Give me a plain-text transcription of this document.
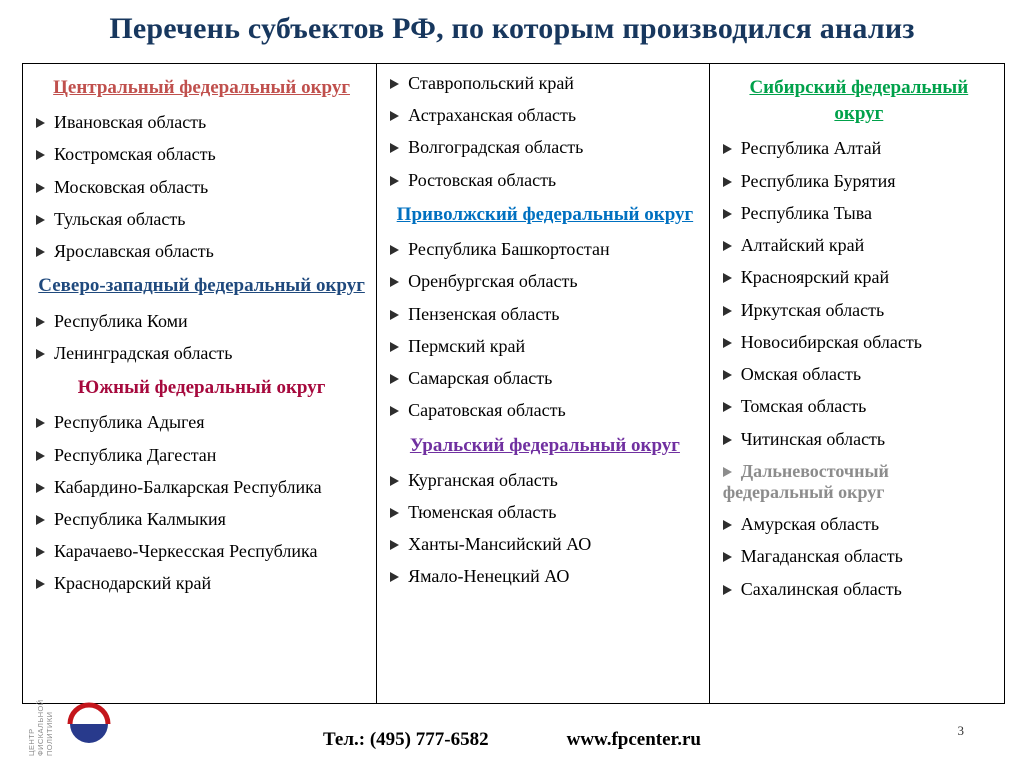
Перечень субъектов РФ, по которым производился анализ
Центральный федеральный округ
Ивановская область
Костромская область
Московская область
Тульская область
Ярославская область
Северо-западный федеральный округ
Республика Коми
Ленинградская область
Южный федеральный округ
Республика Адыгея
Республика Дагестан
Кабардино-Балкарская Республика
Республика Калмыкия
Карачаево-Черкесская Республика
Краснодарский край
Ставропольский край
Астраханская область
Волгоградская область
Ростовская область
Приволжский федеральный округ
Республика Башкортостан
Оренбургская область
Пензенская область
Пермский край
Самарская область
Саратовская область
Уральский федеральный округ
Курганская область
Тюменская область
Ханты-Мансийский АО
Ямало-Ненецкий АО
Сибирский федеральный округ
Республика Алтай
Республика Бурятия
Республика Тыва
Алтайский край
Красноярский край
Иркутская область
Новосибирская область
Омская область
Томская область
Читинская область
Дальневосточный федеральный округ
Амурская область
Магаданская область
Сахалинская область
ЦЕНТР ФИСКАЛЬНОЙ ПОЛИТИКИ	Тел.: (495) 777-6582	www.fpcenter.ru	3
